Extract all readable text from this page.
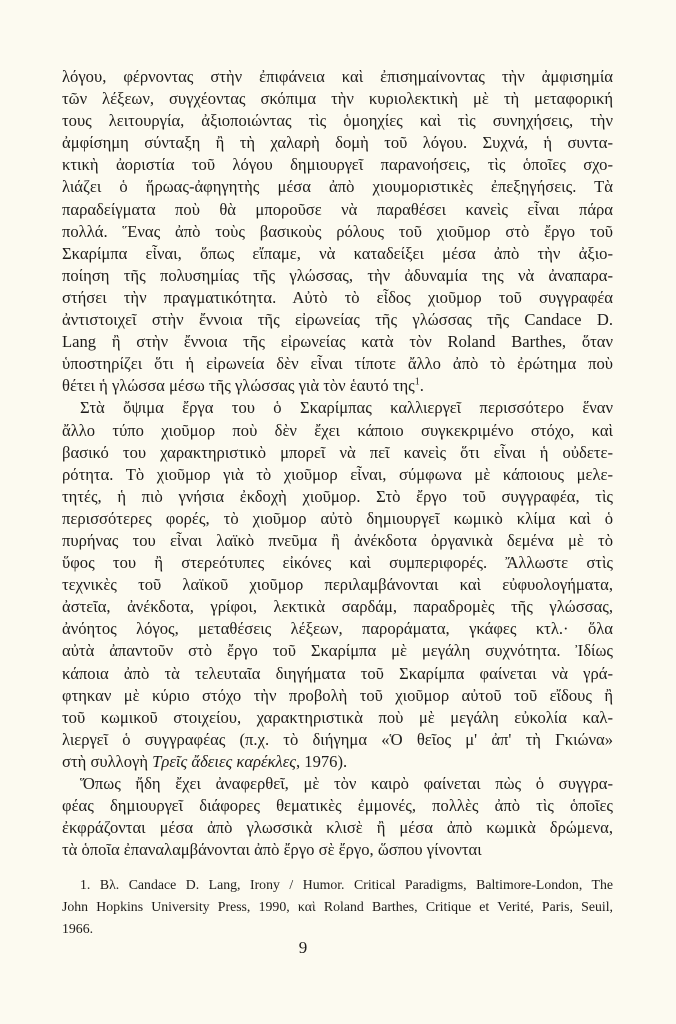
λόγου, φέρνοντας στὴν ἐπιφάνεια καὶ ἐπισημαίνοντας τὴν ἀμφισημία
τῶν λέξεων, συγχέοντας σκόπιμα τὴν κυριολεκτικὴ μὲ τὴ μεταφορική
τους λειτουργία, ἀξιοποιώντας τὶς ὁμοηχίες καὶ τὶς συνηχήσεις, τὴν
ἀμφίσημη σύνταξη ἢ τὴ χαλαρὴ δομὴ τοῦ λόγου. Συχνά, ἡ συντα-
κτικὴ ἀοριστία τοῦ λόγου δημιουργεῖ παρανοήσεις, τὶς ὁποῖες σχο-
λιάζει ὁ ἥρωας-ἀφηγητὴς μέσα ἀπὸ χιουμοριστικὲς ἐπεξηγήσεις. Τὰ
παραδείγματα ποὺ θὰ μποροῦσε νὰ παραθέσει κανεὶς εἶναι πάρα
πολλά. Ἕνας ἀπὸ τοὺς βασικοὺς ρόλους τοῦ χιοῦμορ στὸ ἔργο τοῦ
Σκαρίμπα εἶναι, ὅπως εἴπαμε, νὰ καταδείξει μέσα ἀπὸ τὴν ἀξιο-
ποίηση τῆς πολυσημίας τῆς γλώσσας, τὴν ἀδυναμία της νὰ ἀναπαρα-
στήσει τὴν πραγματικότητα. Αὐτὸ τὸ εἶδος χιοῦμορ τοῦ συγγραφέα
ἀντιστοιχεῖ στὴν ἔννοια τῆς εἰρωνείας τῆς γλώσσας τῆς Candace D.
Lang ἢ στὴν ἔννοια τῆς εἰρωνείας κατὰ τὸν Roland Barthes, ὅταν
ὑποστηρίζει ὅτι ἡ εἰρωνεία δὲν εἶναι τίποτε ἄλλο ἀπὸ τὸ ἐρώτημα ποὺ
θέτει ἡ γλώσσα μέσω τῆς γλώσσας γιὰ τὸν ἑαυτό της$^1$.
Στὰ ὄψιμα ἔργα του ὁ Σκαρίμπας καλλιεργεῖ περισσότερο ἕναν
ἄλλο τύπο χιοῦμορ ποὺ δὲν ἔχει κάποιο συγκεκριμένο στόχο, καὶ
βασικό του χαρακτηριστικὸ μπορεῖ νὰ πεῖ κανεὶς ὅτι εἶναι ἡ οὐδετε-
ρότητα. Τὸ χιοῦμορ γιὰ τὸ χιοῦμορ εἶναι, σύμφωνα μὲ κάποιους μελε-
τητές, ἡ πιὸ γνήσια ἐκδοχὴ χιοῦμορ. Στὸ ἔργο τοῦ συγγραφέα, τὶς
περισσότερες φορές, τὸ χιοῦμορ αὐτὸ δημιουργεῖ κωμικὸ κλίμα καὶ ὁ
πυρήνας του εἶναι λαϊκὸ πνεῦμα ἢ ἀνέκδοτα ὀργανικὰ δεμένα μὲ τὸ
ὕφος του ἢ στερεότυπες εἰκόνες καὶ συμπεριφορές. Ἄλλωστε στὶς
τεχνικὲς τοῦ λαϊκοῦ χιοῦμορ περιλαμβάνονται καὶ εὐφυολογήματα,
ἀστεῖα, ἀνέκδοτα, γρίφοι, λεκτικὰ σαρδάμ, παραδρομὲς τῆς γλώσσας,
ἀνόητος λόγος, μεταθέσεις λέξεων, παροράματα, γκάφες κτλ.· ὅλα
αὐτὰ ἀπαντοῦν στὸ ἔργο τοῦ Σκαρίμπα μὲ μεγάλη συχνότητα. Ἰδίως
κάποια ἀπὸ τὰ τελευταῖα διηγήματα τοῦ Σκαρίμπα φαίνεται νὰ γρά-
φτηκαν μὲ κύριο στόχο τὴν προβολὴ τοῦ χιοῦμορ αὐτοῦ τοῦ εἴδους ἢ
τοῦ κωμικοῦ στοιχείου, χαρακτηριστικὰ ποὺ μὲ μεγάλη εὐκολία καλ-
λιεργεῖ ὁ συγγραφέας (π.χ. τὸ διήγημα «Ὁ θεῖος μ' ἀπ' τὴ Γκιώνα»
στὴ συλλογὴ Τρεῖς ἄδειες καρέκλες, 1976).
Ὅπως ἤδη ἔχει ἀναφερθεῖ, μὲ τὸν καιρὸ φαίνεται πὼς ὁ συγγρα-
φέας δημιουργεῖ διάφορες θεματικὲς ἐμμονές, πολλὲς ἀπὸ τὶς ὁποῖες
ἐκφράζονται μέσα ἀπὸ γλωσσικὰ κλισὲ ἢ μέσα ἀπὸ κωμικὰ δρώμενα,
τὰ ὁποῖα ἐπαναλαμβάνονται ἀπὸ ἔργο σὲ ἔργο, ὥσπου γίνονται
1. Βλ. Candace D. Lang, Irony / Humor. Critical Paradigms, Baltimore-London, The
John Hopkins University Press, 1990, καὶ Roland Barthes, Critique et Verité, Paris, Seuil,
1966.
9
